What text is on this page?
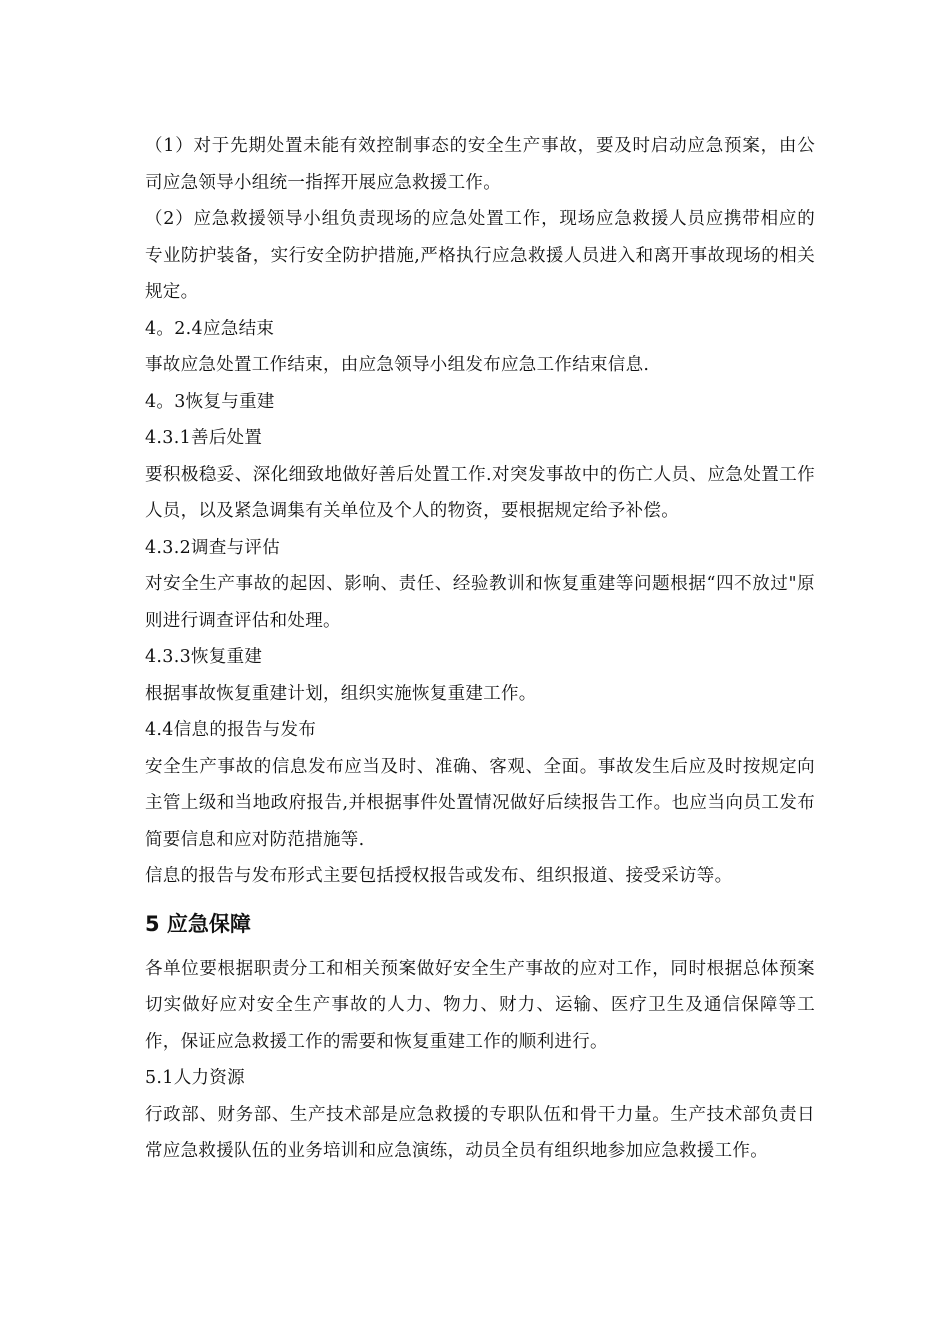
（1）对于先期处置未能有效控制事态的安全生产事故，要及时启动应急预案，由公司应急领导小组统一指挥开展应急救援工作。

（2）应急救援领导小组负责现场的应急处置工作，现场应急救援人员应携带相应的专业防护装备，实行安全防护措施,严格执行应急救援人员进入和离开事故现场的相关规定。

4。2.4应急结束

事故应急处置工作结束，由应急领导小组发布应急工作结束信息.

4。3恢复与重建

4.3.1善后处置

要积极稳妥、深化细致地做好善后处置工作.对突发事故中的伤亡人员、应急处置工作人员，以及紧急调集有关单位及个人的物资，要根据规定给予补偿。

4.3.2调查与评估

对安全生产事故的起因、影响、责任、经验教训和恢复重建等问题根据“四不放过"原则进行调查评估和处理。

4.3.3恢复重建

根据事故恢复重建计划，组织实施恢复重建工作。

4.4信息的报告与发布

安全生产事故的信息发布应当及时、准确、客观、全面。事故发生后应及时按规定向主管上级和当地政府报告,并根据事件处置情况做好后续报告工作。也应当向员工发布简要信息和应对防范措施等.

信息的报告与发布形式主要包括授权报告或发布、组织报道、接受采访等。

5 应急保障

各单位要根据职责分工和相关预案做好安全生产事故的应对工作，同时根据总体预案切实做好应对安全生产事故的人力、物力、财力、运输、医疗卫生及通信保障等工作，保证应急救援工作的需要和恢复重建工作的顺利进行。

5.1人力资源

行政部、财务部、生产技术部是应急救援的专职队伍和骨干力量。生产技术部负责日常应急救援队伍的业务培训和应急演练，动员全员有组织地参加应急救援工作。
